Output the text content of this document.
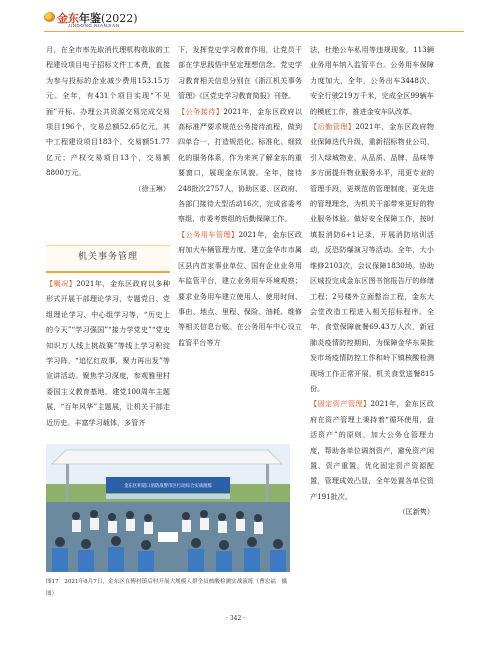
金东年鉴(2022)
JINDONG NIANJIAN

月，在全市率先取消代理机构收取的工程建设项目电子招标文件工本费，直接为参与投标的企业减少费用153.15万元。全年，有431个项目实现“不见面”开标。办理公共资源交易完成交易项目196个，交易总额52.65亿元，其中工程建设项目183个，交易额51.77亿元；产权交易项目13个，交易额8800万元。

（徐玉琳）

机关事务管理

【概况】2021年，金东区政府以多种形式开展干部理论学习，专题党日、党组理论学习、中心组学习等，“历史上的今天”“学习强国”“接力学党史”“党史知识万人线上挑战赛”等线上学习积淀学习阵，“追忆红故事，聚力再出发”等宣讲活动。聚焦学习深度，参观雅里村委国主义教育基地，建党100周年主题展，“百年风华”主题展，让机关干部走近历史。丰富学习载体，多管齐

下，发挥党史学习教育作用，让党员干部在学思践悟中坚定理想信念。党史学习教育相关信息分别在《浙江机关事务管理》《区党史学习教育简报》刊登。

【公务接待】2021年，金东区政府以高标准严要求规范公务接待流程，做到四单合一，打造规范化、标准化、细致化的服务体系，作为来宾了解金东的重要窗口，展现金东风貌。全年，接待248批次2757人，协助区委、区政府、各部门接待大型活动16次，完成省委考察组、市委考察组的后勤保障工作。

【公务用车管理】2021年，金东区政府加大车辆管理力度，建立金华市市属区县内首家事业单位、国有企业业务用车监管平台，建立业务用车环境观察；要求业务用车建立使用人、使用时间、事由、地点、里程、保险、油耗、维修等相关信息台账。在公务用车中心设立监管平台等方

法，杜绝公车私用等违规现象，113辆业务用车纳入监管平台。公务用车保障力度加大，全年，公务出车3448次，安全行驶219万千米，完成全区99辆车的模底工作，推进金安车队改革。

【后勤管理】2021年，金东区政府物业保障迭代升级，重新招标物业公司，引入绿城物业，从品质、品牌、品味等多方面提升物业服务水平，用更专业的管理手段，更规范的管理制度，更先进的管理理念，为机关干部带来更好的物业服务体验。做好安全保障工作，按时填报消防6+1记录，开展消防培训活动，反恐防爆演习等活动。全年，大小维修2103次，会议保障1830场。协助区城投完成金东区图书馆报告厅的修缮工程；2号楼外立面整治工程，金东大会堂改造工程进入相关招标程序。全年，食堂保障就餐69.43万人次，新冠肺炎疫情防控期间，为保障金华东果批发市场疫情防控工作和岭下镇核酸检测现场工作正常开展，机关食堂送餐815份。

【固定资产管理】2021年，金东区政府在资产管理上秉持着“循环使用，盘活资产”的原则，加大公务仓管理力度，帮助各单位调剂资产，避免资产闲置、资产重置，优化固定资产资源配置，管理成效凸显，全年处置各单位资产191批次。

（匡新隽）

金东区积道口消防战警市区行动综合实战演练
图17　2021年8月7日，金东区在傅村镇后村开展大规模人群全员核酸检测实战演练（曹宏福　摄图）
· 342 ·
